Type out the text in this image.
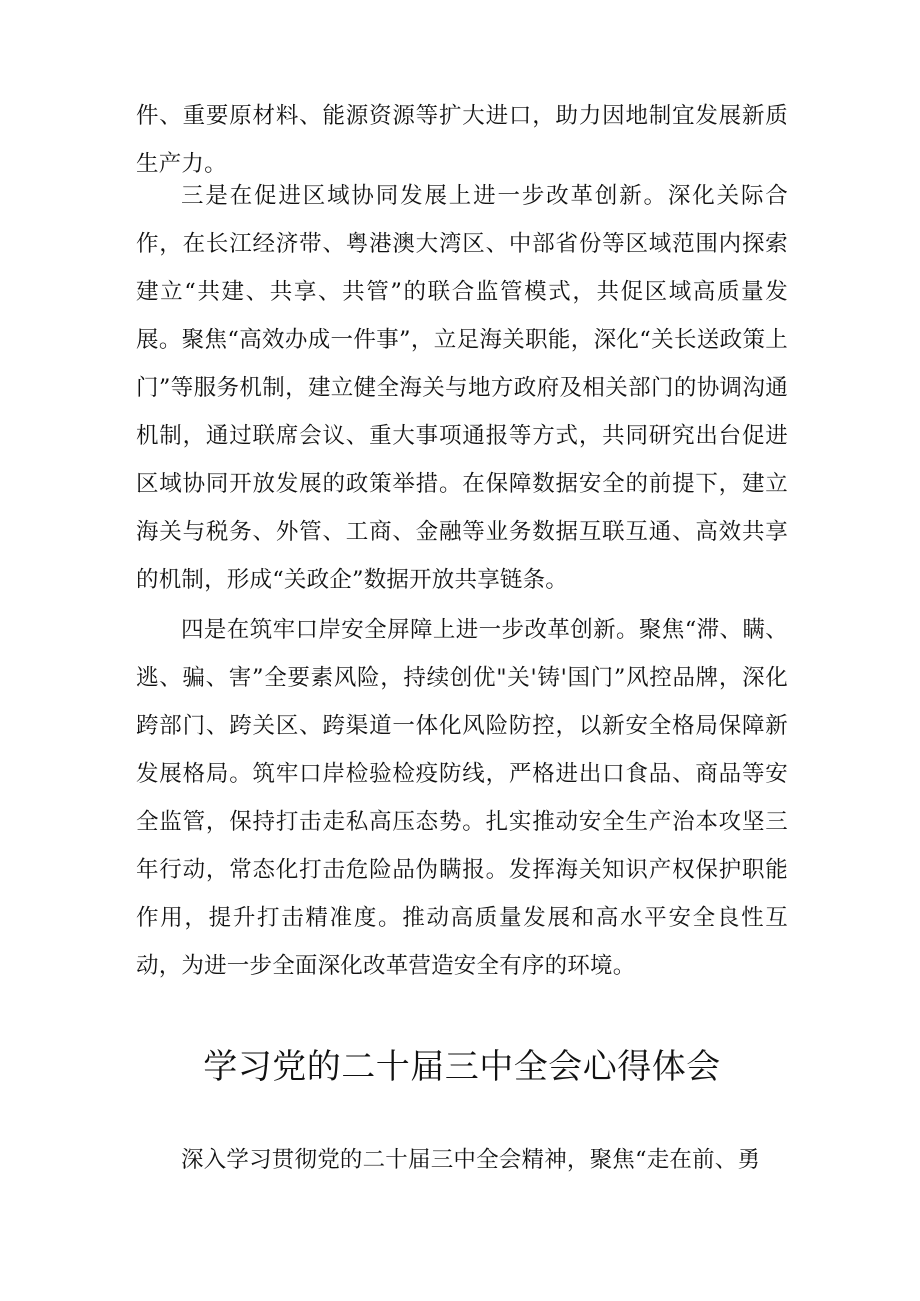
件、重要原材料、能源资源等扩大进口，助力因地制宜发展新质生产力。

三是在促进区域协同发展上进一步改革创新。深化关际合作，在长江经济带、粤港澳大湾区、中部省份等区域范围内探索建立“共建、共享、共管”的联合监管模式，共促区域高质量发展。聚焦“高效办成一件事”，立足海关职能，深化“关长送政策上门”等服务机制，建立健全海关与地方政府及相关部门的协调沟通机制，通过联席会议、重大事项通报等方式，共同研究出台促进区域协同开放发展的政策举措。在保障数据安全的前提下，建立海关与税务、外管、工商、金融等业务数据互联互通、高效共享的机制，形成“关政企”数据开放共享链条。

四是在筑牢口岸安全屏障上进一步改革创新。聚焦“滞、瞒、逃、骗、害”全要素风险，持续创优"关'铸'国门”风控品牌，深化跨部门、跨关区、跨渠道一体化风险防控，以新安全格局保障新发展格局。筑牢口岸检验检疫防线，严格进出口食品、商品等安全监管，保持打击走私高压态势。扎实推动安全生产治本攻坚三年行动，常态化打击危险品伪瞒报。发挥海关知识产权保护职能作用，提升打击精准度。推动高质量发展和高水平安全良性互动，为进一步全面深化改革营造安全有序的环境。

学习党的二十届三中全会心得体会

深入学习贯彻党的二十届三中全会精神，聚焦“走在前、勇
